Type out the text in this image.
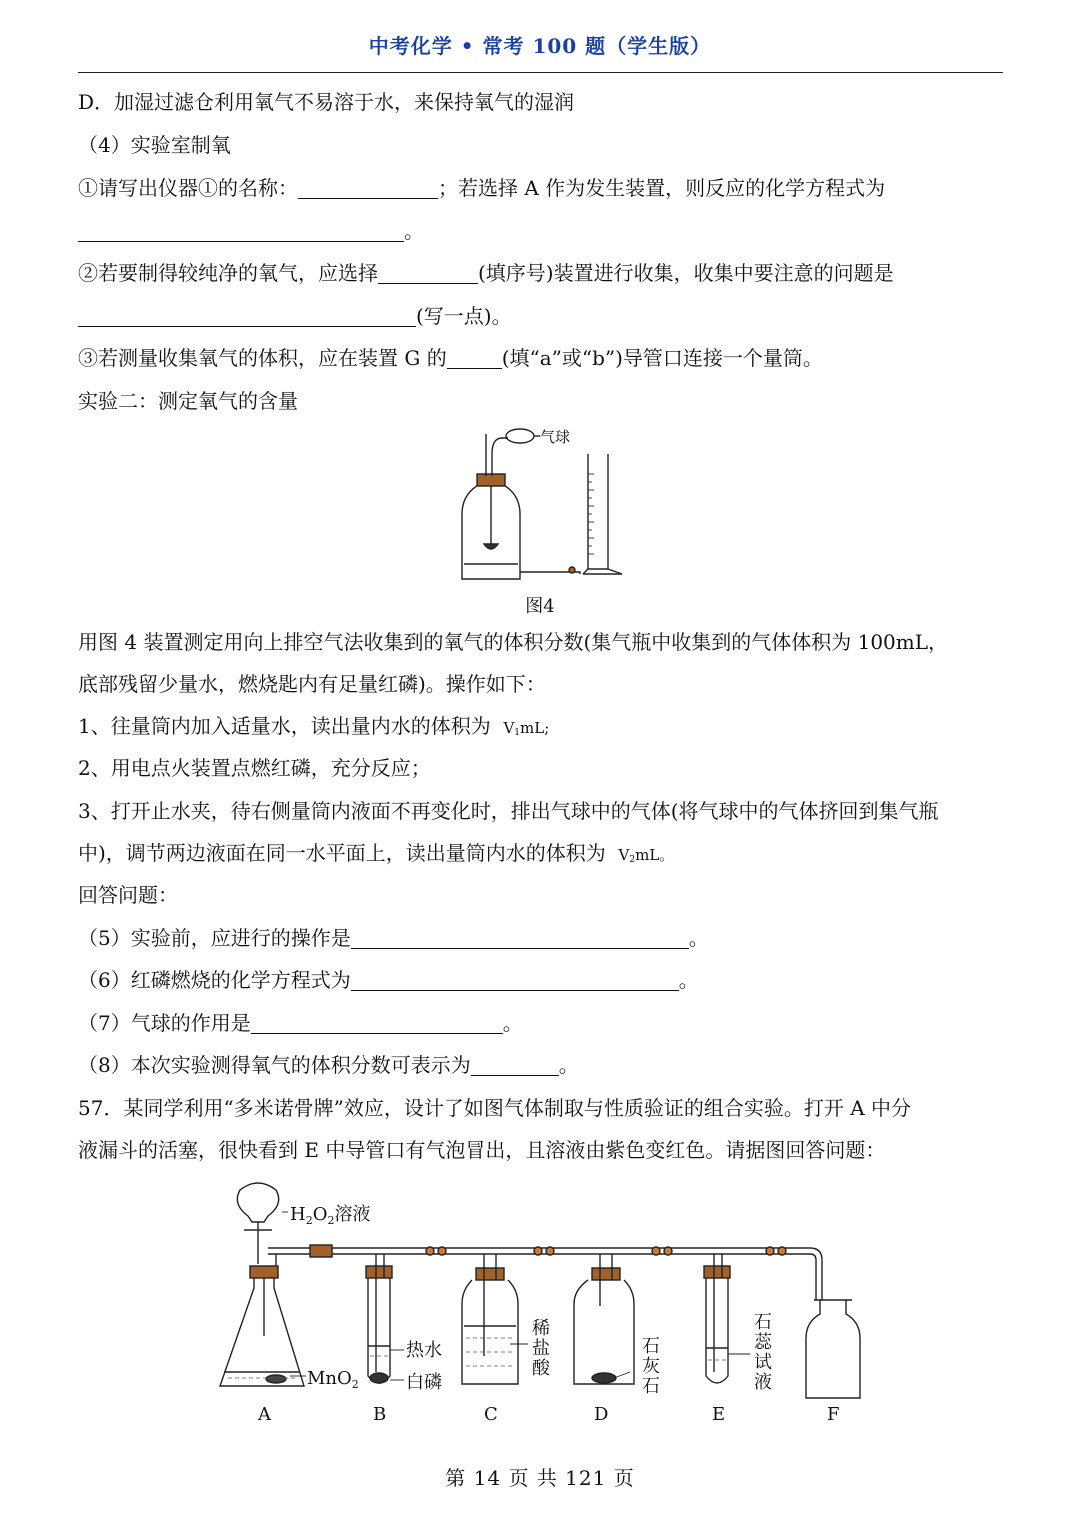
中考化学 • 常考 100 题（学生版）
D．加湿过滤仓利用氧气不易溶于水，来保持氧气的湿润
（4）实验室制氧
①请写出仪器①的名称：	；若选择 A 作为发生装置，则反应的化学方程式为
。
②若要制得较纯净的氧气，应选择	(填序号)装置进行收集，收集中要注意的问题是
(写一点)。
③若测量收集氧气的体积，应在装置 G 的	(填“a”或“b”)导管口连接一个量筒。
实验二：测定氧气的含量
气球
图4
用图 4 装置测定用向上排空气法收集到的氧气的体积分数(集气瓶中收集到的气体体积为 100mL，
底部残留少量水，燃烧匙内有足量红磷)。操作如下：
1、往量筒内加入适量水，读出量内水的体积为 $V_1mL$;
2、用电点火装置点燃红磷，充分反应；
3、打开止水夹，待右侧量筒内液面不再变化时，排出气球中的气体(将气球中的气体挤回到集气瓶
中)，调节两边液面在同一水平面上，读出量筒内水的体积为 $V_2mL$。
回答问题：
（5）实验前，应进行的操作是	。
（6）红磷燃烧的化学方程式为	。
（7）气球的作用是	。
（8）本次实验测得氧气的体积分数可表示为	。
57．某同学利用“多米诺骨牌”效应，设计了如图气体制取与性质验证的组合实验。打开 A 中分
液漏斗的活塞，很快看到 E 中导管口有气泡冒出，且溶液由紫色变红色。请据图回答问题：
$H_2O_2$溶液
MnO$_2$
热水
白磷
稀
盐
酸
石
灰
石
石
蕊
试
液
A	B	C	D	E	F
第 14 页 共 121 页
